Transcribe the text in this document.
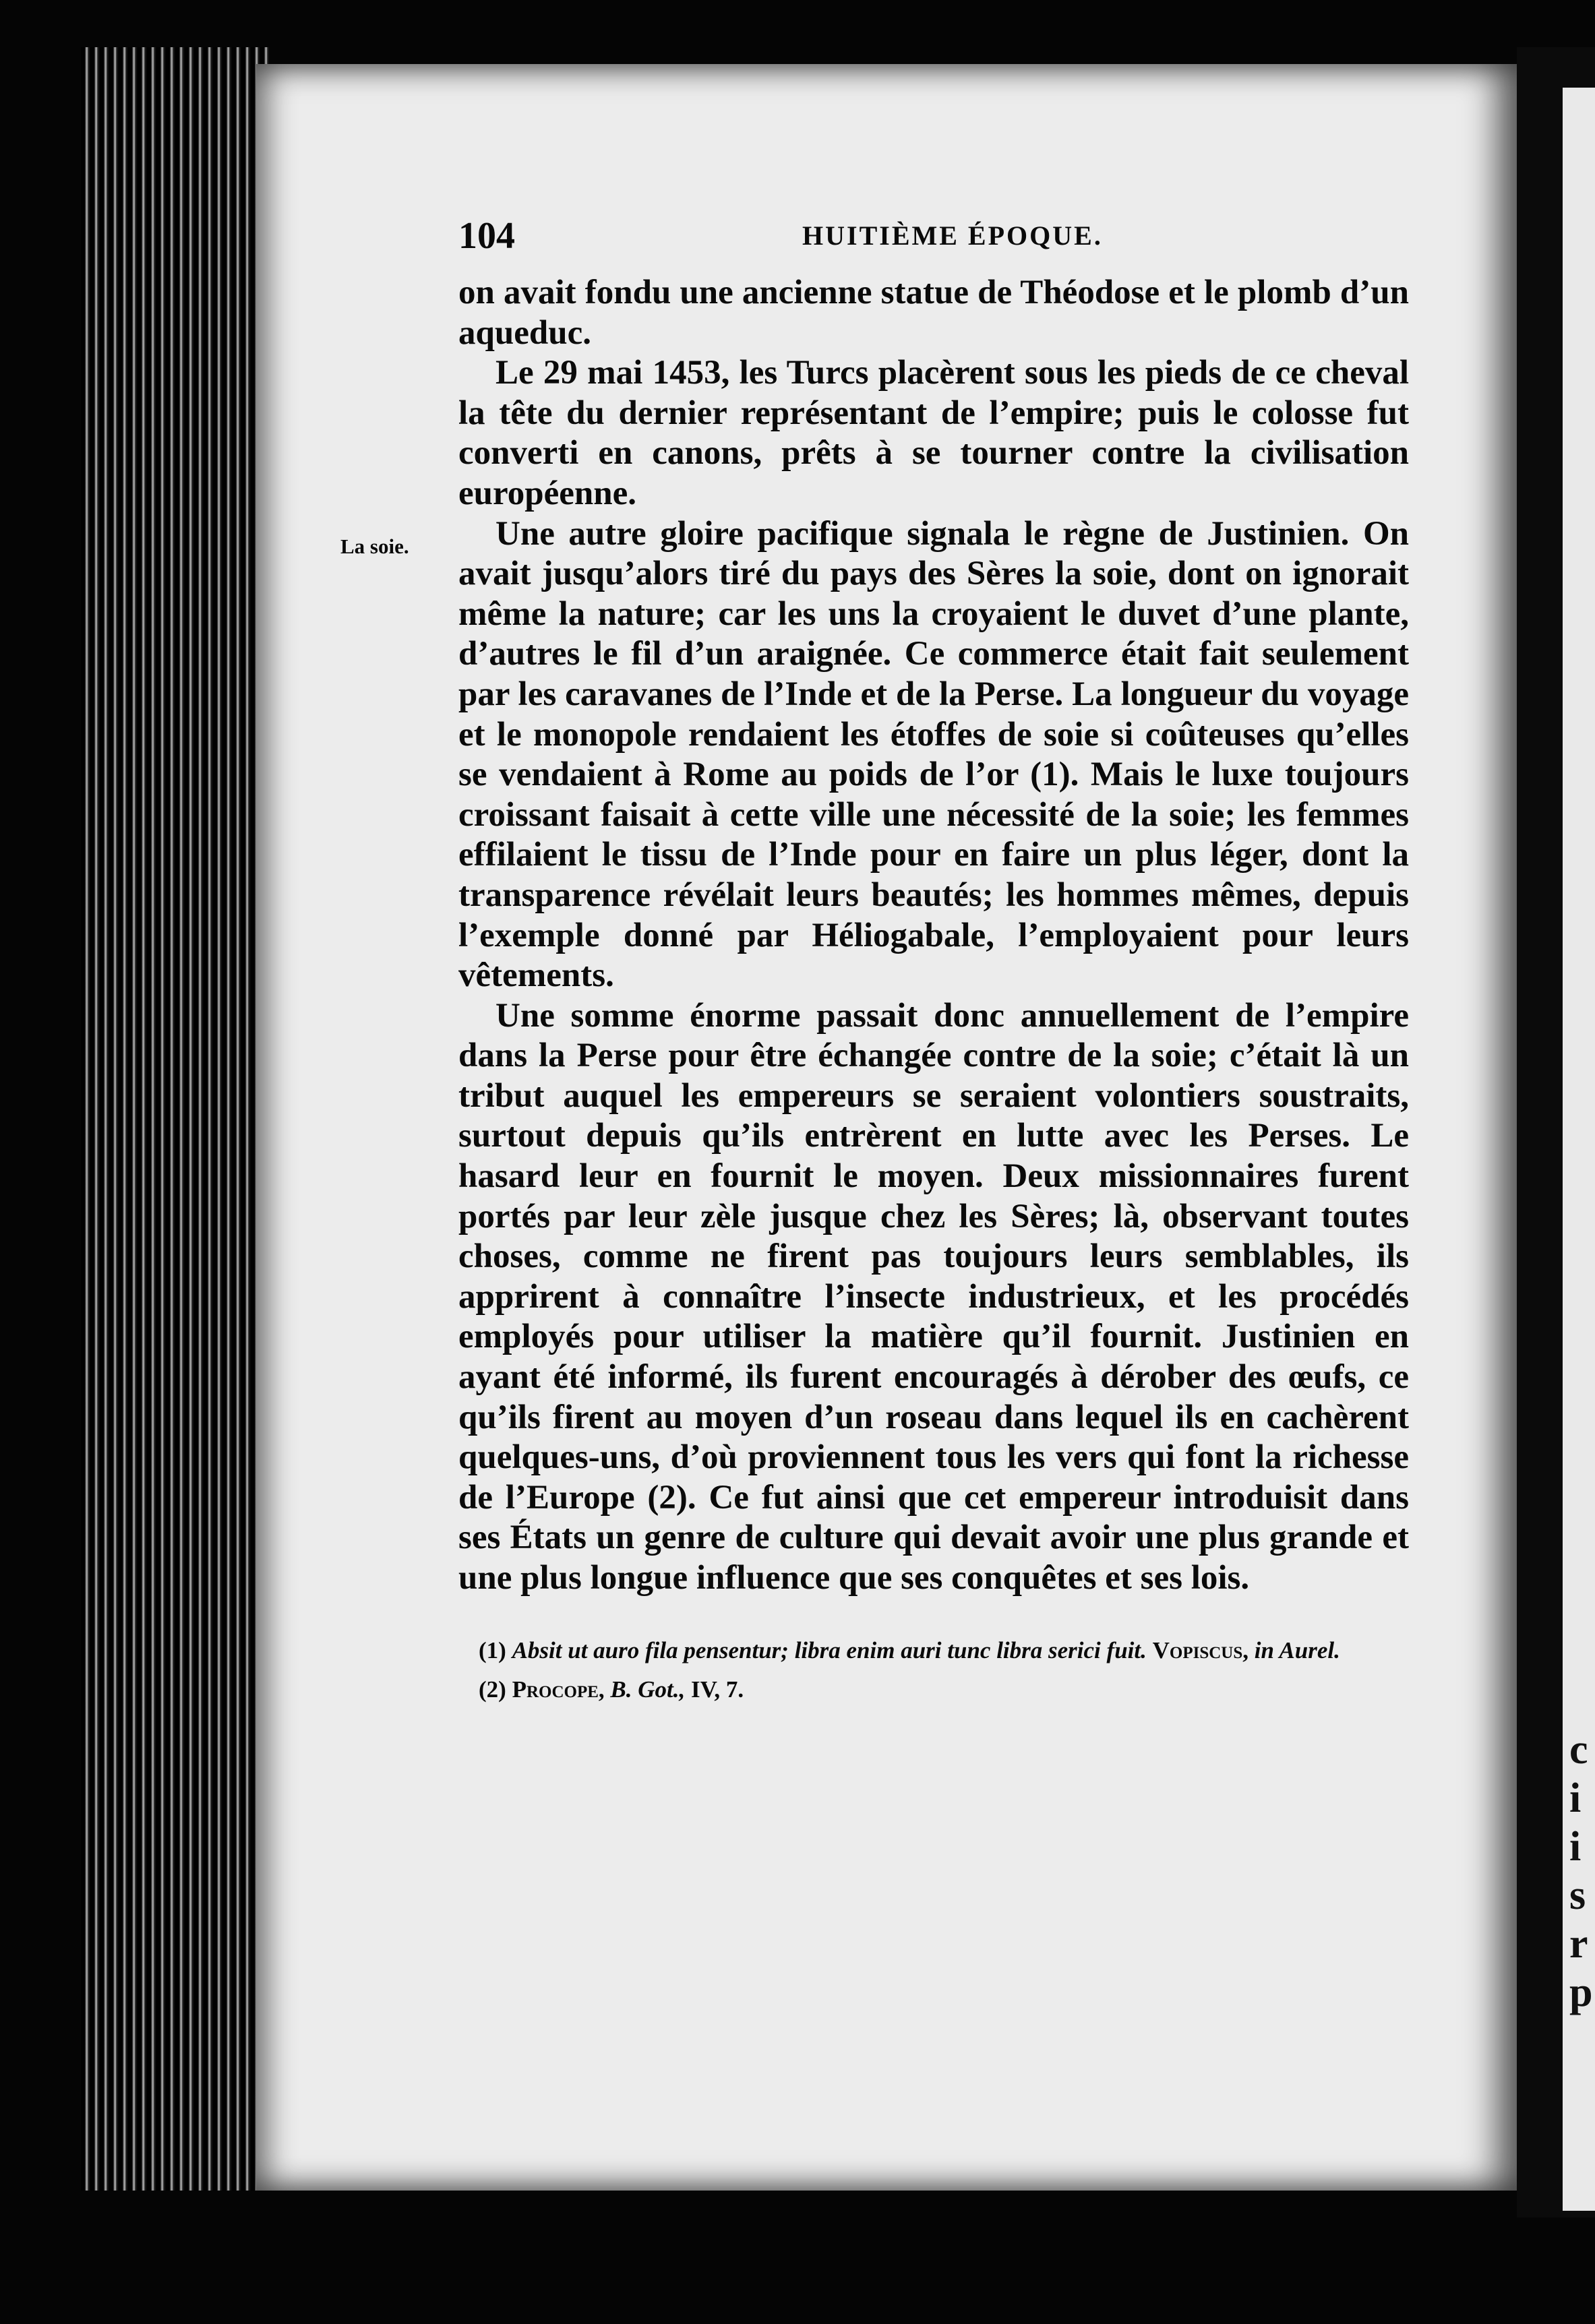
c
i
i
s
r
p
104	HUITIÈME ÉPOQUE.
La soie.

on avait fondu une ancienne statue de Théodose et le plomb d’un aqueduc.

Le 29 mai 1453, les Turcs placèrent sous les pieds de ce cheval la tête du dernier représentant de l’empire; puis le colosse fut converti en canons, prêts à se tourner contre la civilisation européenne.

Une autre gloire pacifique signala le règne de Justinien. On avait jusqu’alors tiré du pays des Sères la soie, dont on ignorait même la nature; car les uns la croyaient le duvet d’une plante, d’autres le fil d’un araignée. Ce commerce était fait seulement par les caravanes de l’Inde et de la Perse. La longueur du voyage et le monopole rendaient les étoffes de soie si coûteuses qu’elles se vendaient à Rome au poids de l’or (1). Mais le luxe toujours croissant faisait à cette ville une nécessité de la soie; les femmes effilaient le tissu de l’Inde pour en faire un plus léger, dont la transparence révélait leurs beautés; les hommes mêmes, depuis l’exemple donné par Héliogabale, l’employaient pour leurs vêtements.

Une somme énorme passait donc annuellement de l’empire dans la Perse pour être échangée contre de la soie; c’était là un tribut auquel les empereurs se seraient volontiers soustraits, surtout depuis qu’ils entrèrent en lutte avec les Perses. Le hasard leur en fournit le moyen. Deux missionnaires furent portés par leur zèle jusque chez les Sères; là, observant toutes choses, comme ne firent pas toujours leurs semblables, ils apprirent à connaître l’insecte industrieux, et les procédés employés pour utiliser la matière qu’il fournit. Justinien en ayant été informé, ils furent encouragés à dérober des œufs, ce qu’ils firent au moyen d’un roseau dans lequel ils en cachèrent quelques-uns, d’où proviennent tous les vers qui font la richesse de l’Europe (2). Ce fut ainsi que cet empereur introduisit dans ses États un genre de culture qui devait avoir une plus grande et une plus longue influence que ses conquêtes et ses lois.

(1) Absit ut auro fila pensentur; libra enim auri tunc libra serici fuit. Vopiscus, in Aurel.

(2) Procope, B. Got., IV, 7.
